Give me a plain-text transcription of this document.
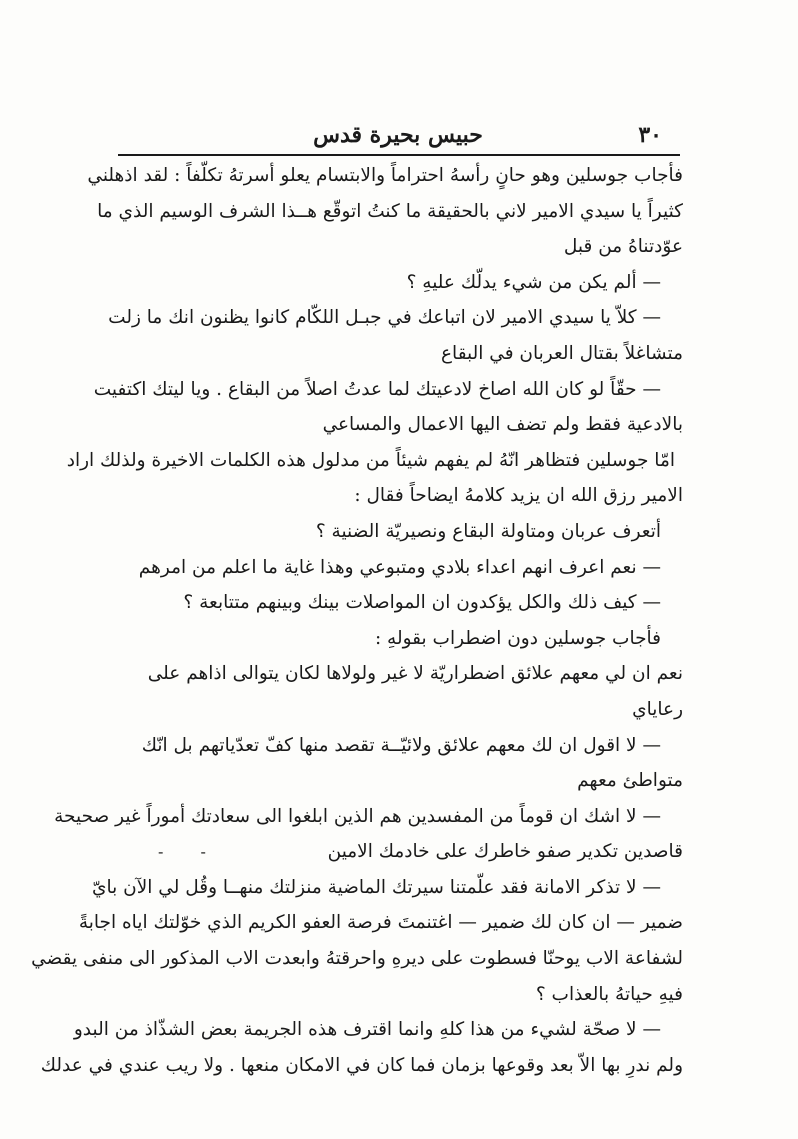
٣٠
حبيس بحيرة قدس
فأجاب جوسلين وهو حانٍ رأسهُ احتراماً والابتسام يعلو أسرتهُ تكلّفاً : لقد اذهلني
كثيراً يا سيدي الامير لاني بالحقيقة ما كنتُ اتوقّع هــذا الشرف الوسيم الذي ما
عوّدتناهُ من قبل
— ألم يكن من شيء يدلّك عليهِ ؟
— كلاّ يا سيدي الامير لان اتباعك في جبـل اللكّام كانوا يظنون انك ما زلت
متشاغلاً بقتال العربان في البقاع
— حقّاً لو كان الله اصاخ لادعيتك لما عدتُ اصلاً من البقاع . ويا ليتك اكتفيت
بالادعية فقط ولم تضف اليها الاعمال والمساعي
امّا جوسلين فتظاهر انّهُ لم يفهم شيئاً من مدلول هذه الكلمات الاخيرة ولذلك اراد
الامير رزق الله ان يزيد كلامهُ ايضاحاً فقال :
أتعرف عربان ومتاولة البقاع ونصيريّة الضنية ؟
— نعم اعرف انهم اعداء بلادي ومتبوعي وهذا غاية ما اعلم من امرهم
— كيف ذلك والكل يؤكدون ان المواصلات بينك وبينهم متتابعة ؟
فأجاب جوسلين دون اضطراب بقولهِ :
نعم ان لي معهم علائق اضطراريّة لا غير ولولاها لكان يتوالى اذاهم على
رعاياي
— لا اقول ان لك معهم علائق ولائيّــة تقصد منها كفّ تعدّياتهم بل انّك
متواطئ معهم
— لا اشك ان قوماً من المفسدين هم الذين ابلغوا الى سعادتك أموراً غير صحيحة
قاصدين تكدير صفو خاطرك على خادمك الامين
- -
— لا تذكر الامانة فقد علّمتنا سيرتك الماضية منزلتك منهــا وقُل لي الآن بايّ
ضمير — ان كان لك ضمير — اغتنمتَ فرصة العفو الكريم الذي خوّلتك اياه اجابةً
لشفاعة الاب يوحنّا فسطوت على ديرهِ واحرقتهُ وابعدت الاب المذكور الى منفى يقضي
فيهِ حياتهُ بالعذاب ؟
— لا صحّة لشيء من هذا كلهِ وانما اقترف هذه الجريمة بعض الشذّاذ من البدو
ولم ندرِ بها الاّ بعد وقوعها بزمان فما كان في الامكان منعها . ولا ريب عندي في عدلك
